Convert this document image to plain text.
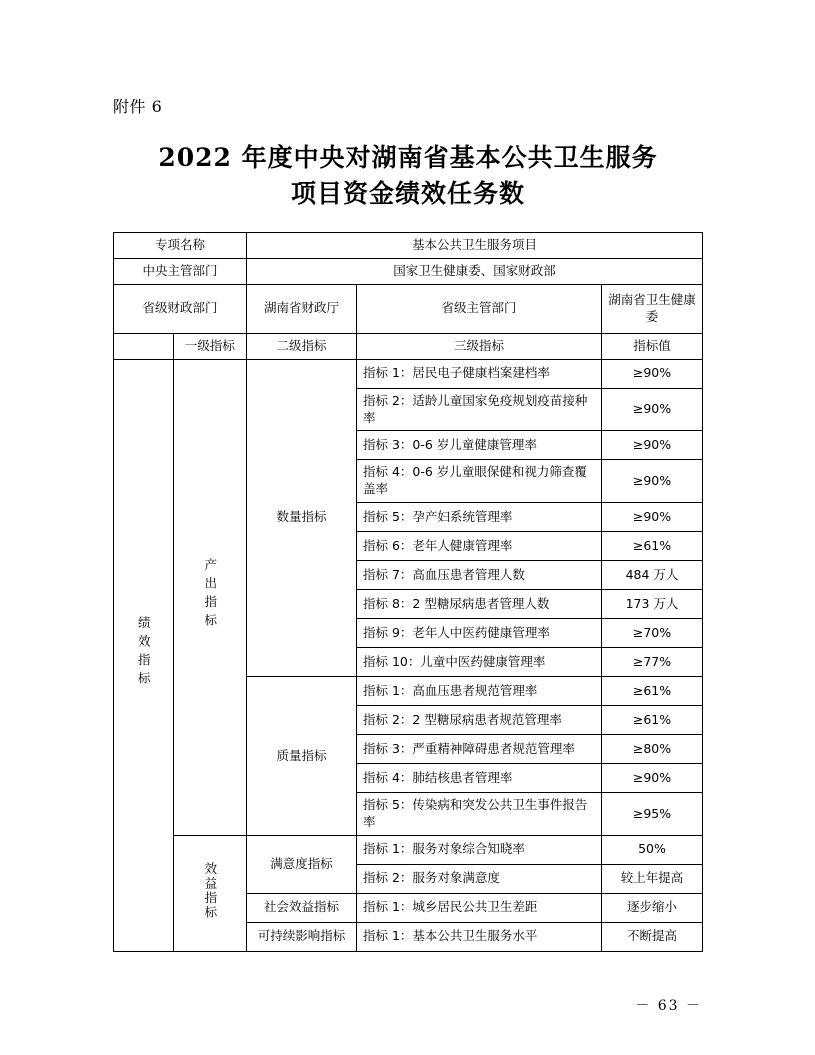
附件 6
2022 年度中央对湖南省基本公共卫生服务
项目资金绩效任务数
专项名称		基本公共卫生服务项目		
中央主管部门		国家卫生健康委、国家财政部		
省级财政部门		湖南省财政厅	省级主管部门	湖南省卫生健康委
	一级指标	二级指标	三级指标	指标值
绩效指标	产出指标	数量指标	指标 1：居民电子健康档案建档率	≥90%
			指标 2：适龄儿童国家免疫规划疫苗接种率	≥90%
			指标 3：0-6 岁儿童健康管理率	≥90%
			指标 4：0-6 岁儿童眼保健和视力筛查覆盖率	≥90%
			指标 5：孕产妇系统管理率	≥90%
			指标 6：老年人健康管理率	≥61%
			指标 7：高血压患者管理人数	484 万人
			指标 8：2 型糖尿病患者管理人数	173 万人
			指标 9：老年人中医药健康管理率	≥70%
			指标 10：儿童中医药健康管理率	≥77%
		质量指标	指标 1：高血压患者规范管理率	≥61%
			指标 2：2 型糖尿病患者规范管理率	≥61%
			指标 3：严重精神障碍患者规范管理率	≥80%
			指标 4：肺结核患者管理率	≥90%
			指标 5：传染病和突发公共卫生事件报告率	≥95%
	效益指标	满意度指标	指标 1：服务对象综合知晓率	50%
			指标 2：服务对象满意度	较上年提高
		社会效益指标	指标 1：城乡居民公共卫生差距	逐步缩小
		可持续影响指标	指标 1：基本公共卫生服务水平	不断提高
－ 63 －
